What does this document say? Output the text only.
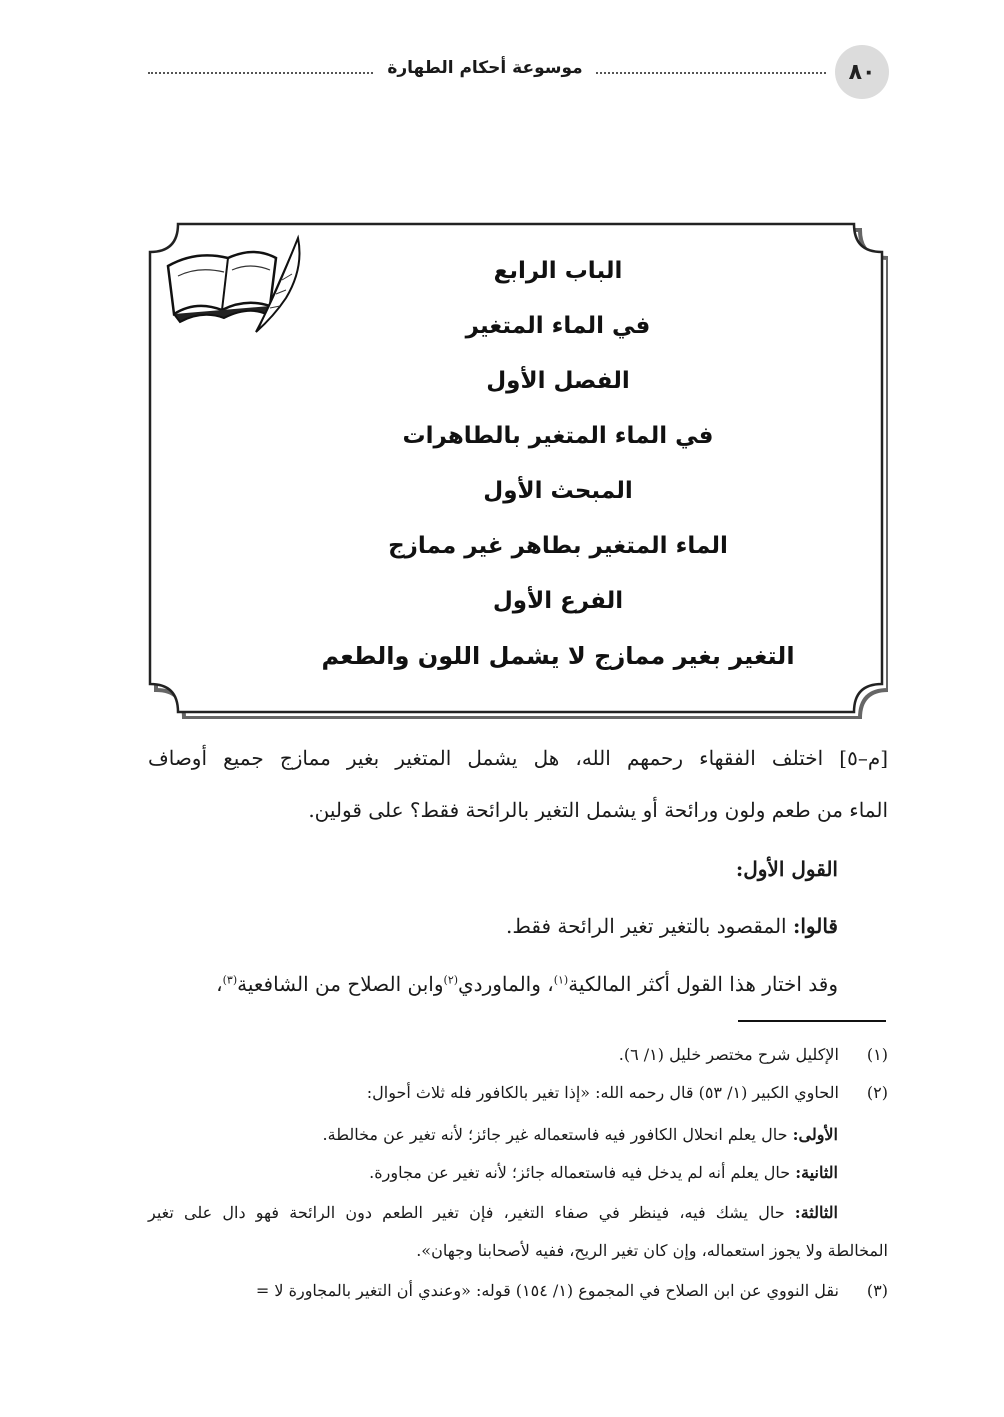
٨٠
موسوعة أحكام الطهارة
الباب الرابع
في الماء المتغير
الفصل الأول
في الماء المتغير بالطاهرات
المبحث الأول
الماء المتغير بطاهر غير ممازج
الفرع الأول
التغير بغير ممازج لا يشمل اللون والطعم
[م–٥] اختلف الفقهاء رحمهم الله، هل يشمل المتغير بغير ممازج جميع أوصاف
الماء من طعم ولون ورائحة أو يشمل التغير بالرائحة فقط؟ على قولين.
القول الأول:
قالوا: المقصود بالتغير تغير الرائحة فقط.
وقد اختار هذا القول أكثر المالكية$^{(١)}$، والماوردي$^{(٢)}$وابن الصلاح من الشافعية$^{(٣)}$،
(١) الإكليل شرح مختصر خليل (١/ ٦).
(٢) الحاوي الكبير (١/ ٥٣) قال رحمه الله: «إذا تغير بالكافور فله ثلاث أحوال:
الأولى: حال يعلم انحلال الكافور فيه فاستعماله غير جائز؛ لأنه تغير عن مخالطة.
الثانية: حال يعلم أنه لم يدخل فيه فاستعماله جائز؛ لأنه تغير عن مجاورة.
الثالثة: حال يشك فيه، فينظر في صفاء التغير، فإن تغير الطعم دون الرائحة فهو دال على تغير
المخالطة ولا يجوز استعماله، وإن كان تغير الريح، ففيه لأصحابنا وجهان».
(٣) نقل النووي عن ابن الصلاح في المجموع (١/ ١٥٤) قوله: «وعندي أن التغير بالمجاورة لا =
